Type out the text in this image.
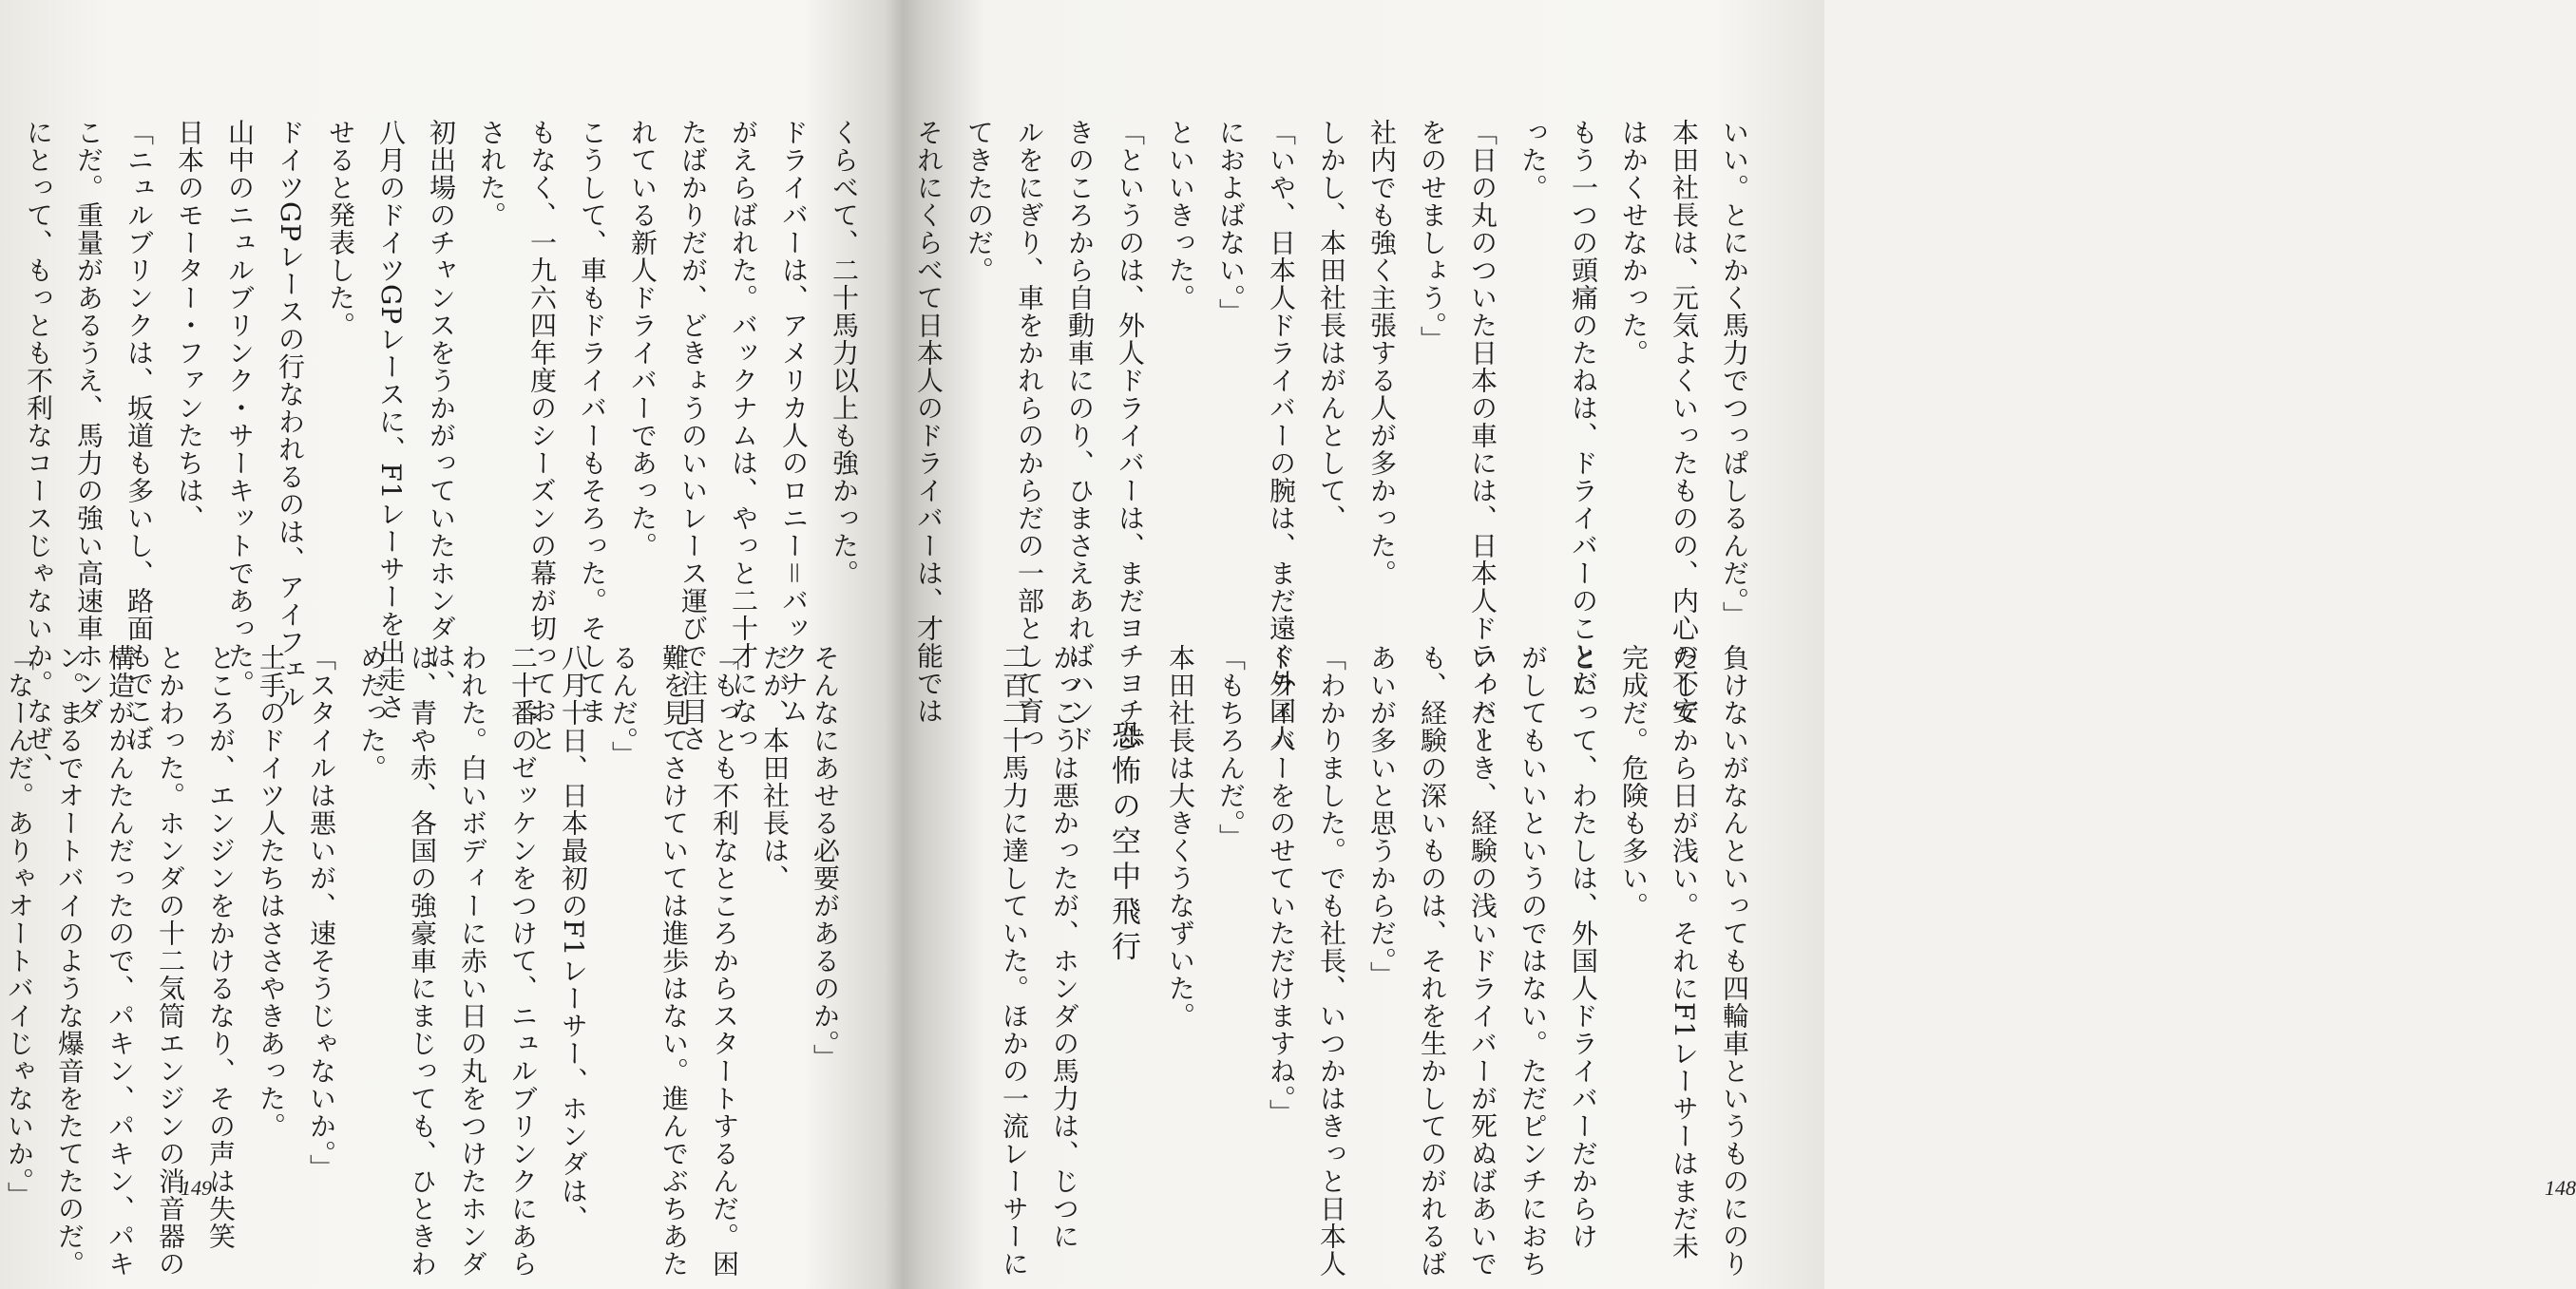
くらべて、二十馬力以上も強かった。

ドライバーは、アメリカ人のロニー＝バックナム

がえらばれた。バックナムは、やっと二十才になっ

たばかりだが、どきょうのいいレース運びで注目さ

れている新人ドライバーであった。

こうして、車もドライバーもそろった。そしてま

もなく、一九六四年度のシーズンの幕が切っておと

された。

初出場のチャンスをうかがっていたホンダは、

八月のドイツGPレースに、F1レーサーを出走さ

せると発表した。

ドイツGPレースの行なわれるのは、アイフェル

山中のニュルブリンク・サーキットであった。

日本のモーター・ファンたちは、

「ニュルブリンクは、坂道も多いし、路面もでこぼ

こだ。重量があるうえ、馬力の強い高速車ホンダ

にとって、もっとも不利なコースじゃないか。なぜ、

そんなにあせる必要があるのか。」

だが、本田社長は、

「もっとも不利なところからスタートするんだ。困

難を見てさけていては進歩はない。進んでぶちあた

るんだ。」

八月十日、日本最初のF1レーサー、ホンダは、

二十番のゼッケンをつけて、ニュルブリンクにあら

われた。白いボディーに赤い日の丸をつけたホンダ

は、青や赤、各国の強豪車にまじっても、ひときわ

めだった。

「スタイルは悪いが、速そうじゃないか。」

土手のドイツ人たちはささやきあった。

ところが、エンジンをかけるなり、その声は失笑

とかわった。ホンダの十二気筒エンジンの消音器の

構造がかんたんだったので、パキン、パキン、パキ

ン。まるでオートバイのような爆音をたてたのだ。

「なーんだ。ありゃオートバイじゃないか。」	149

いい。とにかく馬力でつっぱしるんだ。」

本田社長は、元気よくいったものの、内心の不安

はかくせなかった。

もう一つの頭痛のたねは、ドライバーのことだ

った。

「日の丸のついた日本の車には、日本人ドライバー

をのせましょう。」

社内でも強く主張する人が多かった。

しかし、本田社長はがんとして、

「いや、日本人ドライバーの腕は、まだ遠く外国人

におよばない。」

といいきった。

「というのは、外人ドライバーは、まだヨチヨチ歩

きのころから自動車にのり、ひまさえあればハンド

ルをにぎり、車をかれらのからだの一部として育っ

てきたのだ。

それにくらべて日本人のドライバーは、才能では

負けないがなんといっても四輪車というものにのり

だしてから日が浅い。それにF1レーサーはまだ未

完成だ。危険も多い。

といって、わたしは、外国人ドライバーだからけ

がしてもいいというのではない。ただピンチにおち

いったとき、経験の浅いドライバーが死ぬばあいで

も、経験の深いものは、それを生かしてのがれるば

あいが多いと思うからだ。」

「わかりました。でも社長、いつかはきっと日本人

ドライバーをのせていただけますね。」

「もちろんだ。」

本田社長は大きくうなずいた。

恐怖の空中飛行

かっこうは悪かったが、ホンダの馬力は、じつに

二百二十馬力に達していた。ほかの一流レーサーに	148
